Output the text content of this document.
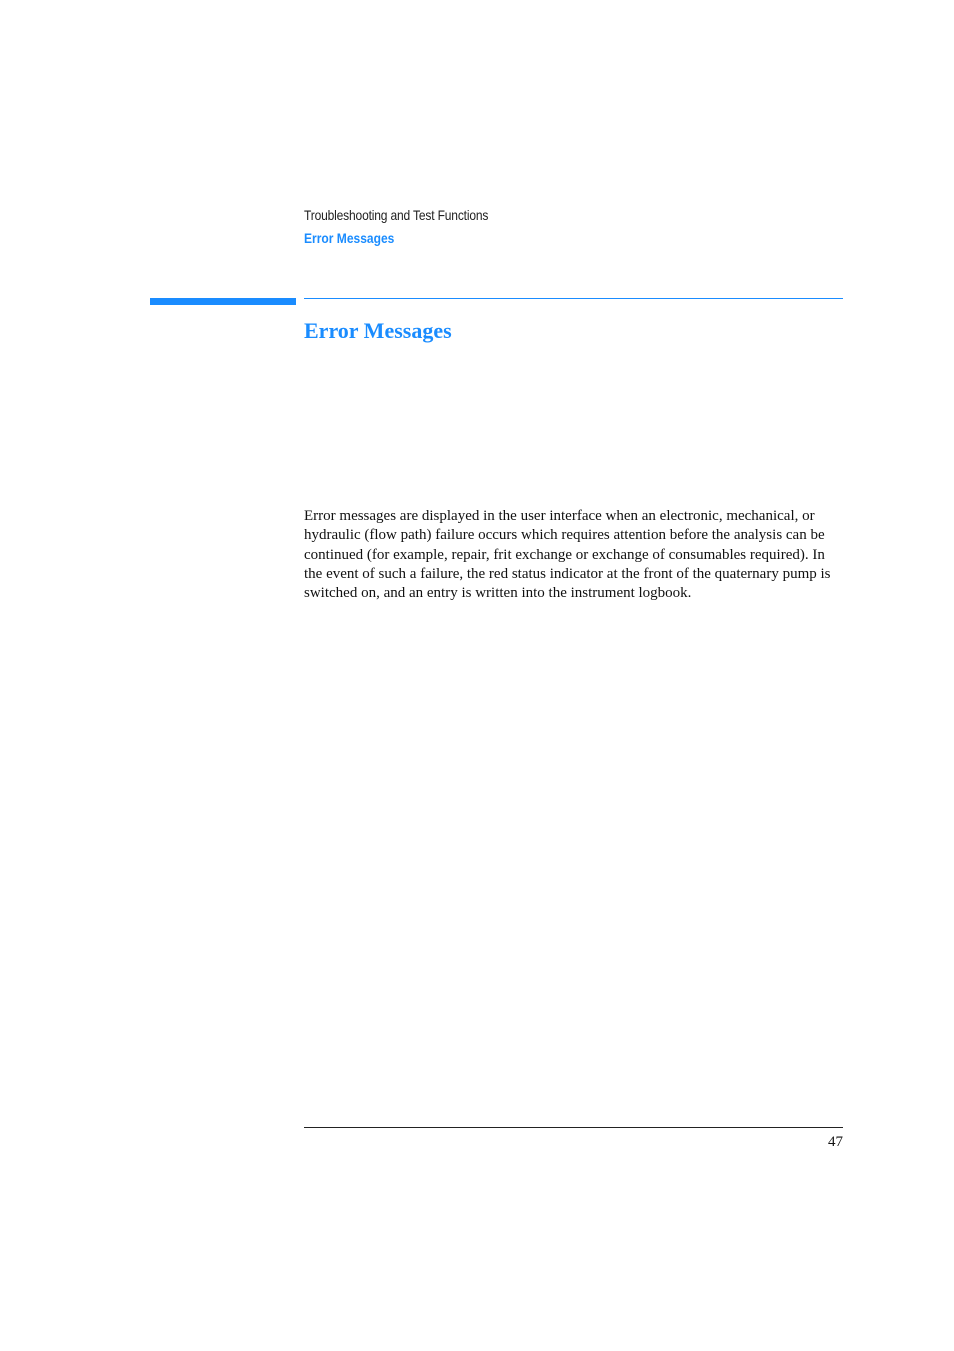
Troubleshooting and Test Functions
Error Messages
Error Messages

Error messages are displayed in the user interface when an electronic, mechanical, or hydraulic (flow path) failure occurs which requires attention before the analysis can be continued (for example, repair, frit exchange or exchange of consumables required). In the event of such a failure, the red status indicator at the front of the quaternary pump is switched on, and an entry is written into the instrument logbook.

47
